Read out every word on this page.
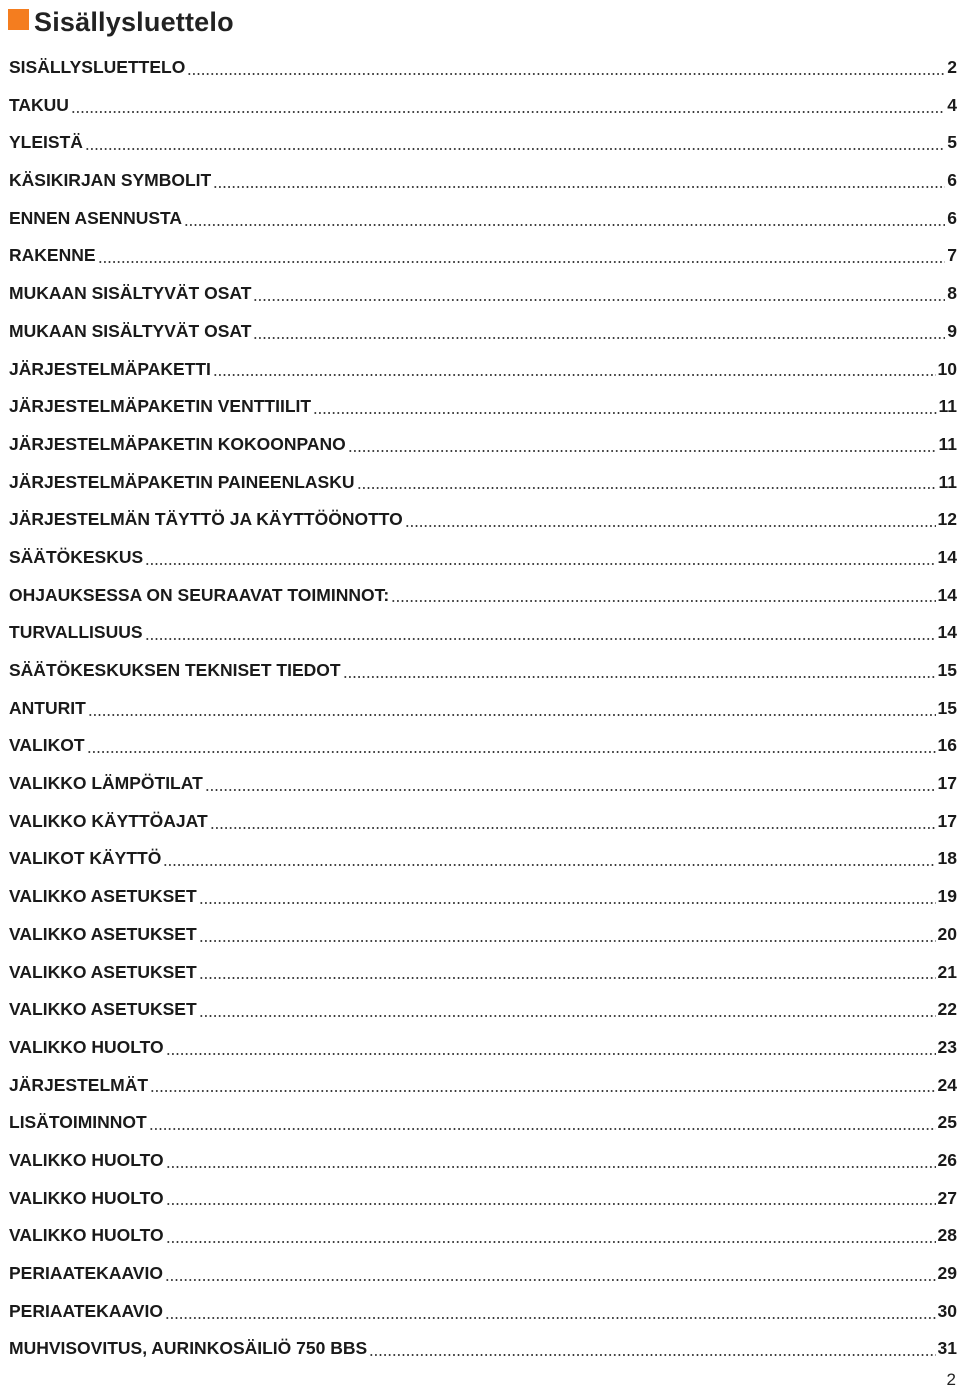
Sisällysluettelo
SISÄLLYSLUETTELO	2
TAKUU	4
YLEISTÄ	5
KÄSIKIRJAN SYMBOLIT	6
ENNEN ASENNUSTA	6
RAKENNE	7
MUKAAN SISÄLTYVÄT OSAT	8
MUKAAN SISÄLTYVÄT OSAT	9
JÄRJESTELMÄPAKETTI	10
JÄRJESTELMÄPAKETIN VENTTIILIT	11
JÄRJESTELMÄPAKETIN KOKOONPANO	11
JÄRJESTELMÄPAKETIN PAINEENLASKU	11
JÄRJESTELMÄN TÄYTTÖ JA KÄYTTÖÖNOTTO	12
SÄÄTÖKESKUS	14
OHJAUKSESSA ON SEURAAVAT TOIMINNOT:	14
TURVALLISUUS	14
SÄÄTÖKESKUKSEN TEKNISET TIEDOT	15
ANTURIT	15
VALIKOT	16
VALIKKO LÄMPÖTILAT	17
VALIKKO KÄYTTÖAJAT	17
VALIKOT KÄYTTÖ	18
VALIKKO ASETUKSET	19
VALIKKO ASETUKSET	20
VALIKKO ASETUKSET	21
VALIKKO ASETUKSET	22
VALIKKO HUOLTO	23
JÄRJESTELMÄT	24
LISÄTOIMINNOT	25
VALIKKO HUOLTO	26
VALIKKO HUOLTO	27
VALIKKO HUOLTO	28
PERIAATEKAAVIO	29
PERIAATEKAAVIO	30
MUHVISOVITUS, AURINKOSÄILIÖ 750 BBS	31
2
